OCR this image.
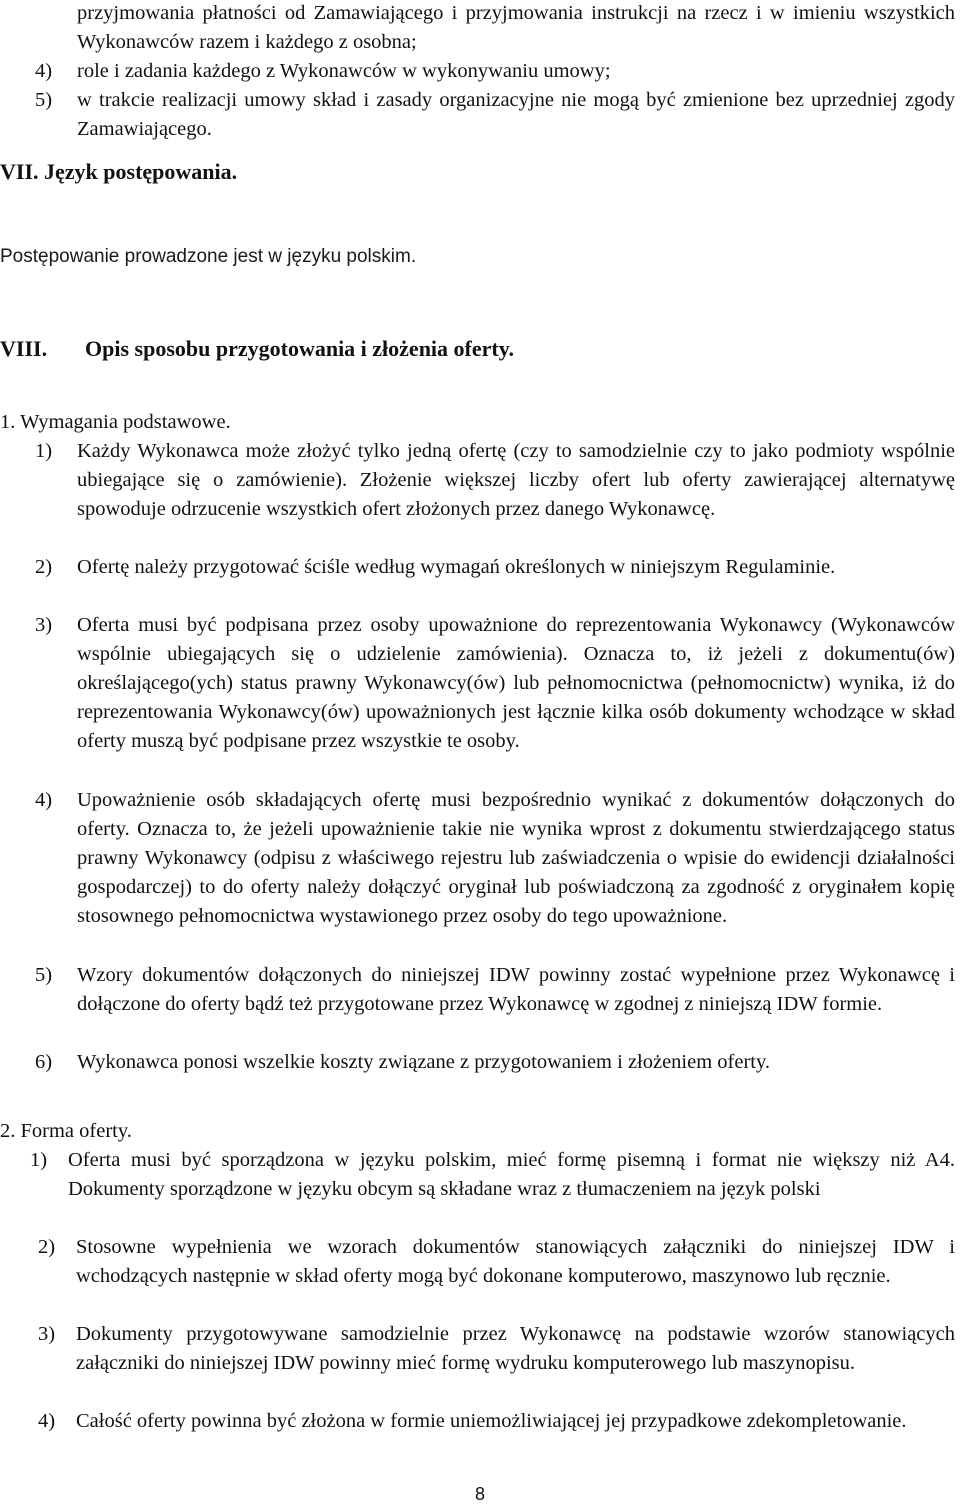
przyjmowania płatności od Zamawiającego i przyjmowania instrukcji na rzecz i w imieniu wszystkich Wykonawców razem i każdego z osobna;

4)	role i zadania każdego z Wykonawców w wykonywaniu umowy;
5)	w trakcie realizacji umowy skład i zasady organizacyjne nie mogą być zmienione bez uprzedniej zgody Zamawiającego.
VII. Język postępowania.
Postępowanie prowadzone jest w języku polskim.
VIII.	Opis sposobu przygotowania i złożenia oferty.
1. Wymagania podstawowe.
1)	Każdy Wykonawca może złożyć tylko jedną ofertę (czy to samodzielnie czy to jako podmioty wspólnie ubiegające się o zamówienie). Złożenie większej liczby ofert lub oferty zawierającej alternatywę spowoduje odrzucenie wszystkich ofert złożonych przez danego Wykonawcę.
2)	Ofertę należy przygotować ściśle według wymagań określonych w niniejszym Regulaminie.
3)	Oferta musi być podpisana przez osoby upoważnione do reprezentowania Wykonawcy (Wykonawców wspólnie ubiegających się o udzielenie zamówienia). Oznacza to, iż jeżeli z dokumentu(ów) określającego(ych) status prawny Wykonawcy(ów) lub pełnomocnictwa (pełnomocnictw) wynika, iż do reprezentowania Wykonawcy(ów) upoważnionych jest łącznie kilka osób dokumenty wchodzące w skład oferty muszą być podpisane przez wszystkie te osoby.
4)	Upoważnienie osób składających ofertę musi bezpośrednio wynikać z dokumentów dołączonych do oferty. Oznacza to, że jeżeli upoważnienie takie nie wynika wprost z dokumentu stwierdzającego status prawny Wykonawcy (odpisu z właściwego rejestru lub zaświadczenia o wpisie do ewidencji działalności gospodarczej) to do oferty należy dołączyć oryginał lub poświadczoną za zgodność z oryginałem kopię stosownego pełnomocnictwa wystawionego przez osoby do tego upoważnione.
5)	Wzory dokumentów dołączonych do niniejszej IDW powinny zostać wypełnione przez Wykonawcę i dołączone do oferty bądź też przygotowane przez Wykonawcę w zgodnej z niniejszą IDW formie.
6)	Wykonawca ponosi wszelkie koszty związane z przygotowaniem i złożeniem oferty.
2. Forma oferty.
1)	Oferta musi być sporządzona w języku polskim, mieć formę pisemną i format nie większy niż A4. Dokumenty sporządzone w języku obcym są składane wraz z tłumaczeniem na język polski
2)	Stosowne wypełnienia we wzorach dokumentów stanowiących załączniki do niniejszej IDW i wchodzących następnie w skład oferty mogą być dokonane komputerowo, maszynowo lub ręcznie.
3)	Dokumenty przygotowywane samodzielnie przez Wykonawcę na podstawie wzorów stanowiących załączniki do niniejszej IDW powinny mieć formę wydruku komputerowego lub maszynopisu.
4)	Całość oferty powinna być złożona w formie uniemożliwiającej jej przypadkowe zdekompletowanie.
8
